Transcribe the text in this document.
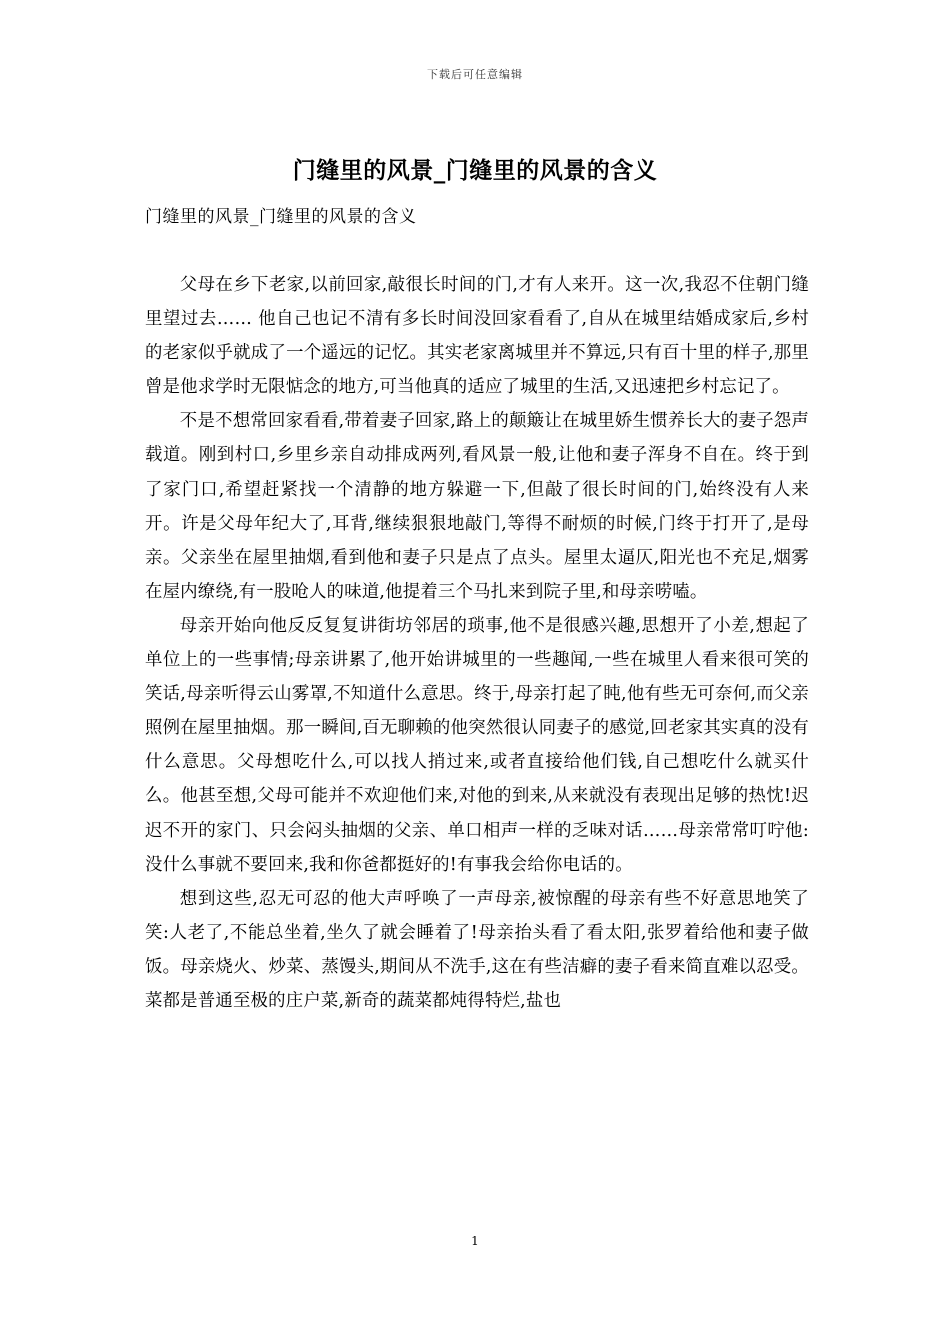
下载后可任意编辑
门缝里的风景_门缝里的风景的含义
门缝里的风景_门缝里的风景的含义

父母在乡下老家,以前回家,敲很长时间的门,才有人来开。这一次,我忍不住朝门缝里望过去…… 他自己也记不清有多长时间没回家看看了,自从在城里结婚成家后,乡村的老家似乎就成了一个遥远的记忆。其实老家离城里并不算远,只有百十里的样子,那里曾是他求学时无限惦念的地方,可当他真的适应了城里的生活,又迅速把乡村忘记了。

不是不想常回家看看,带着妻子回家,路上的颠簸让在城里娇生惯养长大的妻子怨声载道。刚到村口,乡里乡亲自动排成两列,看风景一般,让他和妻子浑身不自在。终于到了家门口,希望赶紧找一个清静的地方躲避一下,但敲了很长时间的门,始终没有人来开。许是父母年纪大了,耳背,继续狠狠地敲门,等得不耐烦的时候,门终于打开了,是母亲。父亲坐在屋里抽烟,看到他和妻子只是点了点头。屋里太逼仄,阳光也不充足,烟雾在屋内缭绕,有一股呛人的味道,他提着三个马扎来到院子里,和母亲唠嗑。

母亲开始向他反反复复讲街坊邻居的琐事,他不是很感兴趣,思想开了小差,想起了单位上的一些事情;母亲讲累了,他开始讲城里的一些趣闻,一些在城里人看来很可笑的笑话,母亲听得云山雾罩,不知道什么意思。终于,母亲打起了盹,他有些无可奈何,而父亲照例在屋里抽烟。那一瞬间,百无聊赖的他突然很认同妻子的感觉,回老家其实真的没有什么意思。父母想吃什么,可以找人捎过来,或者直接给他们钱,自己想吃什么就买什么。他甚至想,父母可能并不欢迎他们来,对他的到来,从来就没有表现出足够的热忱!迟迟不开的家门、只会闷头抽烟的父亲、单口相声一样的乏味对话……母亲常常叮咛他:没什么事就不要回来,我和你爸都挺好的!有事我会给你电话的。

想到这些,忍无可忍的他大声呼唤了一声母亲,被惊醒的母亲有些不好意思地笑了笑:人老了,不能总坐着,坐久了就会睡着了!母亲抬头看了看太阳,张罗着给他和妻子做饭。母亲烧火、炒菜、蒸馒头,期间从不洗手,这在有些洁癖的妻子看来简直难以忍受。菜都是普通至极的庄户菜,新奇的蔬菜都炖得特烂,盐也

1
